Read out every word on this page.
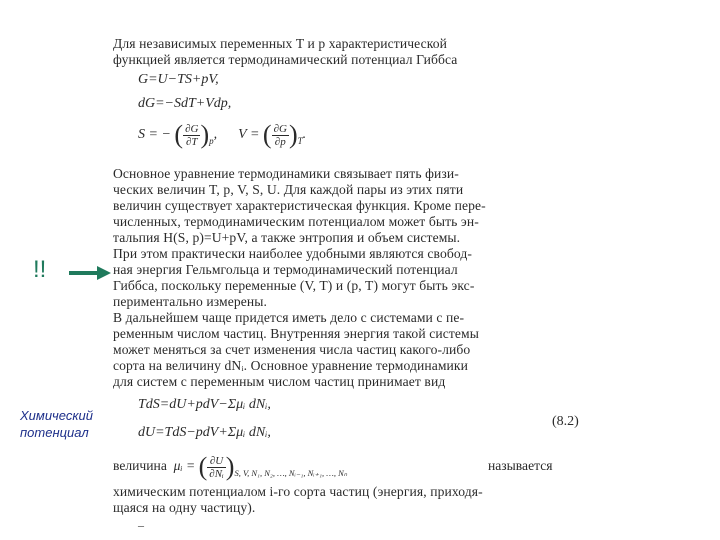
Для независимых переменных T и p характеристической
функцией является термодинамический потенциал Гиббса
G=U−TS+pV,
dG=−SdT+Vdp,
S = − ( $\frac{\partial G}{\partial T} )_p$,      V = ( $\frac{\partial G}{\partial p} )_T$.
Основное уравнение термодинамики связывает пять физи-
ческих величин T, p, V, S, U. Для каждой пары из этих пяти
величин существует характеристическая функция. Кроме пере-
численных, термодинамическим потенциалом может быть эн-
тальпия H(S, p)=U+pV, а также энтропия и объем системы.
При этом практически наиболее удобными являются свобод-
ная энергия Гельмгольца и термодинамический потенциал
Гиббса, поскольку переменные (V, T) и (p, T) могут быть экс-
периментально измерены.
В дальнейшем чаще придется иметь дело с системами с пе-
ременным числом частиц. Внутренняя энергия такой системы
может меняться за счет изменения числа частиц какого-либо
сорта на величину dNᵢ. Основное уравнение термодинамики
для систем с переменным числом частиц принимает вид
TdS=dU+pdV−Σμᵢ dNᵢ,
dU=TdS−pdV+Σμᵢ dNᵢ,
(8.2)
величина μᵢ = ( $\frac{\partial U}{\text{∂Nᵢ}} )_{S, V, N_1, N_2, \dots, Nᵢ_{-1}, Nᵢ_{+1}, \dots, N_n}$
называется
химическим потенциалом i-го сорта частиц (энергия, приходя-
щаяся на одну частицу).
–
!!
Химический
потенциал
